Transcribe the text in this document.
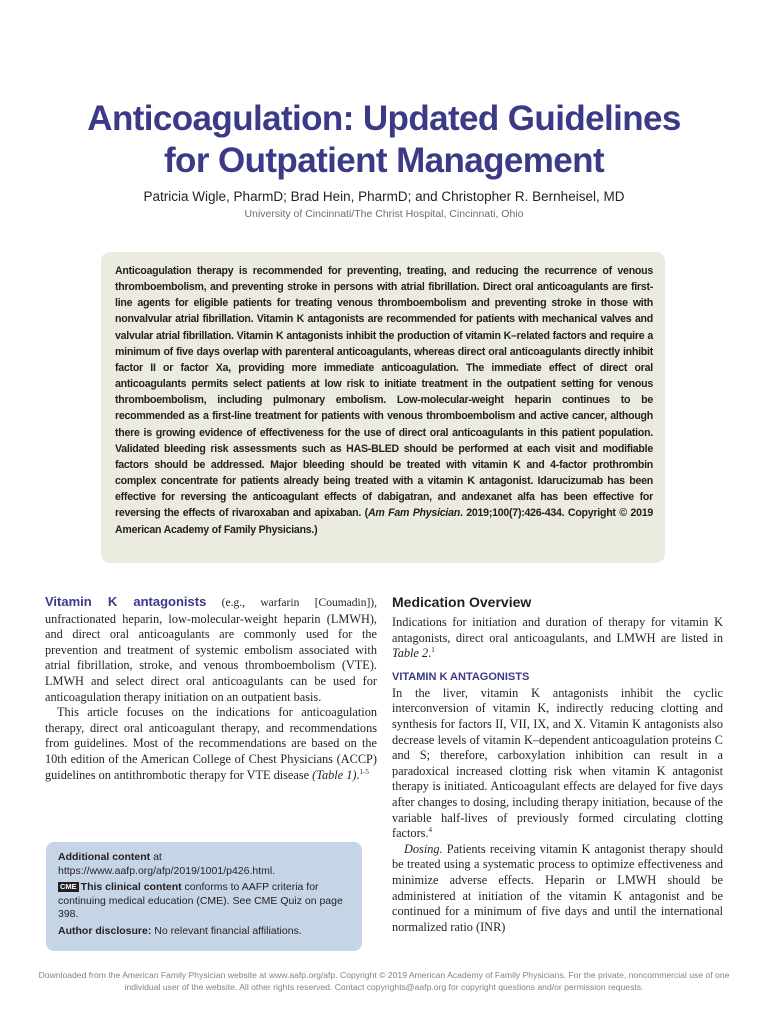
Anticoagulation: Updated Guidelines
for Outpatient Management
Patricia Wigle, PharmD; Brad Hein, PharmD; and Christopher R. Bernheisel, MD
University of Cincinnati/The Christ Hospital, Cincinnati, Ohio

Anticoagulation therapy is recommended for preventing, treating, and reducing the recurrence of venous thromboembolism, and preventing stroke in persons with atrial fibrillation. Direct oral anticoagulants are first-line agents for eligible patients for treating venous thromboembolism and preventing stroke in those with nonvalvular atrial fibrillation. Vitamin K antagonists are recommended for patients with mechanical valves and valvular atrial fibrillation. Vitamin K antagonists inhibit the production of vitamin K–related factors and require a minimum of five days overlap with parenteral anticoagulants, whereas direct oral anticoagulants directly inhibit factor II or factor Xa, providing more immediate anticoagulation. The immediate effect of direct oral anticoagulants permits select patients at low risk to initiate treatment in the outpatient setting for venous thromboembolism, including pulmonary embolism. Low-molecular-weight heparin continues to be recommended as a first-line treatment for patients with venous thromboembolism and active cancer, although there is growing evidence of effectiveness for the use of direct oral anticoagulants in this patient population. Validated bleeding risk assessments such as HAS-BLED should be performed at each visit and modifiable factors should be addressed. Major bleeding should be treated with vitamin K and 4-factor prothrombin complex concentrate for patients already being treated with a vitamin K antagonist. Idarucizumab has been effective for reversing the anticoagulant effects of dabigatran, and andexanet alfa has been effective for reversing the effects of rivaroxaban and apixaban. (Am Fam Physician. 2019;100(7):426-434. Copyright © 2019 American Academy of Family Physicians.)

Vitamin K antagonists (e.g., warfarin [Coumadin]), unfractionated heparin, low-molecular-weight heparin (LMWH), and direct oral anticoagulants are commonly used for the prevention and treatment of systemic embolism associated with atrial fibrillation, stroke, and venous thromboembolism (VTE). LMWH and select direct oral anticoagulants can be used for anticoagulation therapy initiation on an outpatient basis.

This article focuses on the indications for anticoagulation therapy, direct oral anticoagulant therapy, and recommendations from guidelines. Most of the recommendations are based on the 10th edition of the American College of Chest Physicians (ACCP) guidelines on antithrombotic therapy for VTE disease (Table 1).$^{1-5}$

Additional content at https://www.aafp.org/afp/2019/1001/p426.html.

CME This clinical content conforms to AAFP criteria for continuing medical education (CME). See CME Quiz on page 398.

Author disclosure: No relevant financial affiliations.

Medication Overview

Indications for initiation and duration of therapy for vitamin K antagonists, direct oral anticoagulants, and LMWH are listed in Table 2.$^1$

VITAMIN K ANTAGONISTS

In the liver, vitamin K antagonists inhibit the cyclic interconversion of vitamin K, indirectly reducing clotting and synthesis for factors II, VII, IX, and X. Vitamin K antagonists also decrease levels of vitamin K–dependent anticoagulation proteins C and S; therefore, carboxylation inhibition can result in a paradoxical increased clotting risk when vitamin K antagonist therapy is initiated. Anticoagulant effects are delayed for five days after changes to dosing, including therapy initiation, because of the variable half-lives of previously formed circulating clotting factors.$^4$

Dosing. Patients receiving vitamin K antagonist therapy should be treated using a systematic process to optimize effectiveness and minimize adverse effects. Heparin or LMWH should be administered at initiation of the vitamin K antagonist and be continued for a minimum of five days and until the international normalized ratio (INR)

Downloaded from the American Family Physician website at www.aafp.org/afp. Copyright © 2019 American Academy of Family Physicians. For the private, noncommercial use of one individual user of the website. All other rights reserved. Contact copyrights@aafp.org for copyright questions and/or permission requests.
